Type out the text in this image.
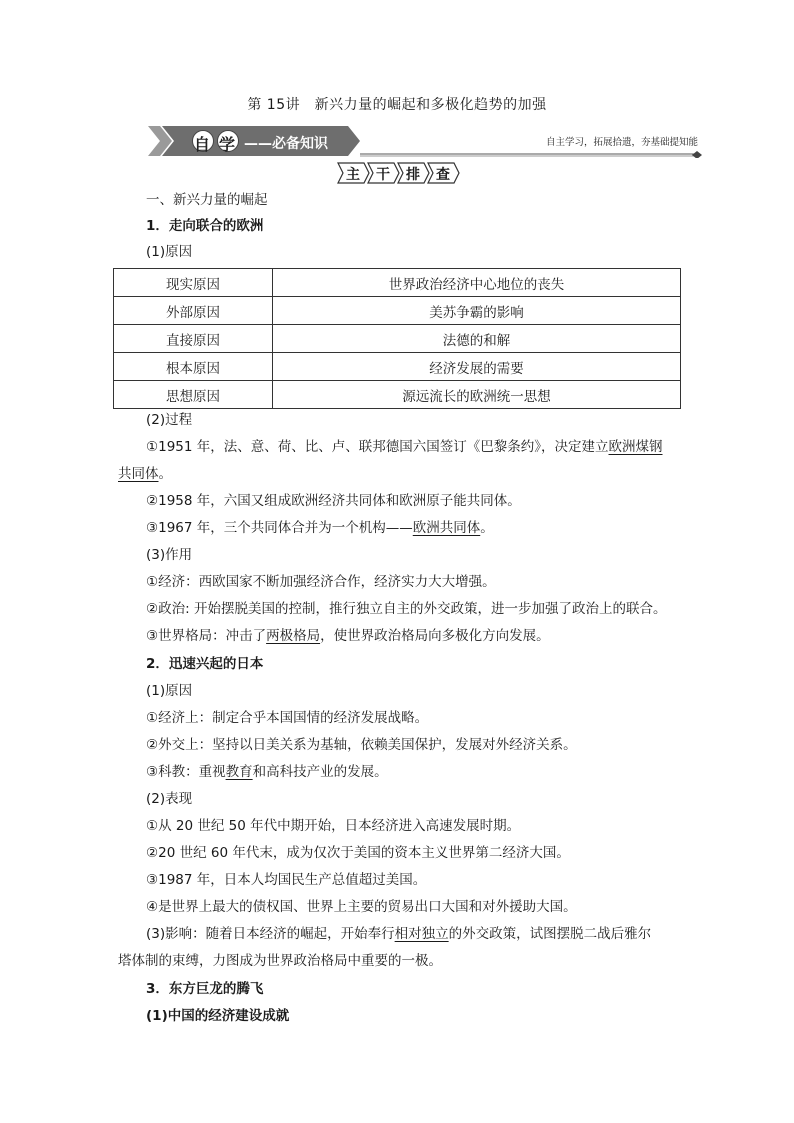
第 15讲　新兴力量的崛起和多极化趋势的加强
自 学 ——必备知识	自主学习，拓展拾遗，夯基础提知能
主 干 排 查
一、新兴力量的崛起
1．走向联合的欧洲
(1)原因
现实原因	世界政治经济中心地位的丧失
外部原因	美苏争霸的影响
直接原因	法德的和解
根本原因	经济发展的需要
思想原因	源远流长的欧洲统一思想
(2)过程
①1951 年，法、意、荷、比、卢、联邦德国六国签订《巴黎条约》，决定建立欧洲煤钢
共同体。
②1958 年，六国又组成欧洲经济共同体和欧洲原子能共同体。
③1967 年，三个共同体合并为一个机构——欧洲共同体。
(3)作用
①经济：西欧国家不断加强经济合作，经济实力大大增强。
②政治: 开始摆脱美国的控制，推行独立自主的外交政策，进一步加强了政治上的联合。
③世界格局：冲击了两极格局，使世界政治格局向多极化方向发展。
2．迅速兴起的日本
(1)原因
①经济上：制定合乎本国国情的经济发展战略。
②外交上：坚持以日美关系为基轴，依赖美国保护，发展对外经济关系。
③科教：重视教育和高科技产业的发展。
(2)表现
①从 20 世纪 50 年代中期开始，日本经济进入高速发展时期。
②20 世纪 60 年代末，成为仅次于美国的资本主义世界第二经济大国。
③1987 年，日本人均国民生产总值超过美国。
④是世界上最大的债权国、世界上主要的贸易出口大国和对外援助大国。
(3)影响：随着日本经济的崛起，开始奉行相对独立的外交政策，试图摆脱二战后雅尔
塔体制的束缚，力图成为世界政治格局中重要的一极。
3．东方巨龙的腾飞
(1)中国的经济建设成就
